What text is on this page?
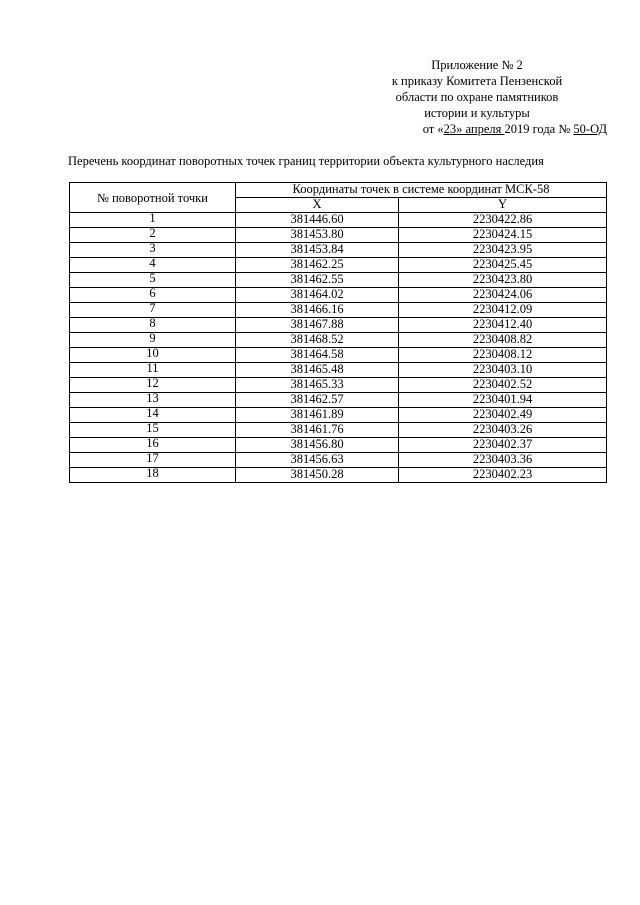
Приложение № 2
к приказу Комитета Пензенской
области по охране памятников
истории и культуры
от «23» апреля 2019 года № 50-ОД
Перечень координат поворотных точек границ территории объекта культурного наследия
№ поворотной точки	Координаты точек в системе координат МСК-58	
	X	Y
1	381446.60	2230422.86
2	381453.80	2230424.15
3	381453.84	2230423.95
4	381462.25	2230425.45
5	381462.55	2230423.80
6	381464.02	2230424.06
7	381466.16	2230412.09
8	381467.88	2230412.40
9	381468.52	2230408.82
10	381464.58	2230408.12
11	381465.48	2230403.10
12	381465.33	2230402.52
13	381462.57	2230401.94
14	381461.89	2230402.49
15	381461.76	2230403.26
16	381456.80	2230402.37
17	381456.63	2230403.36
18	381450.28	2230402.23
